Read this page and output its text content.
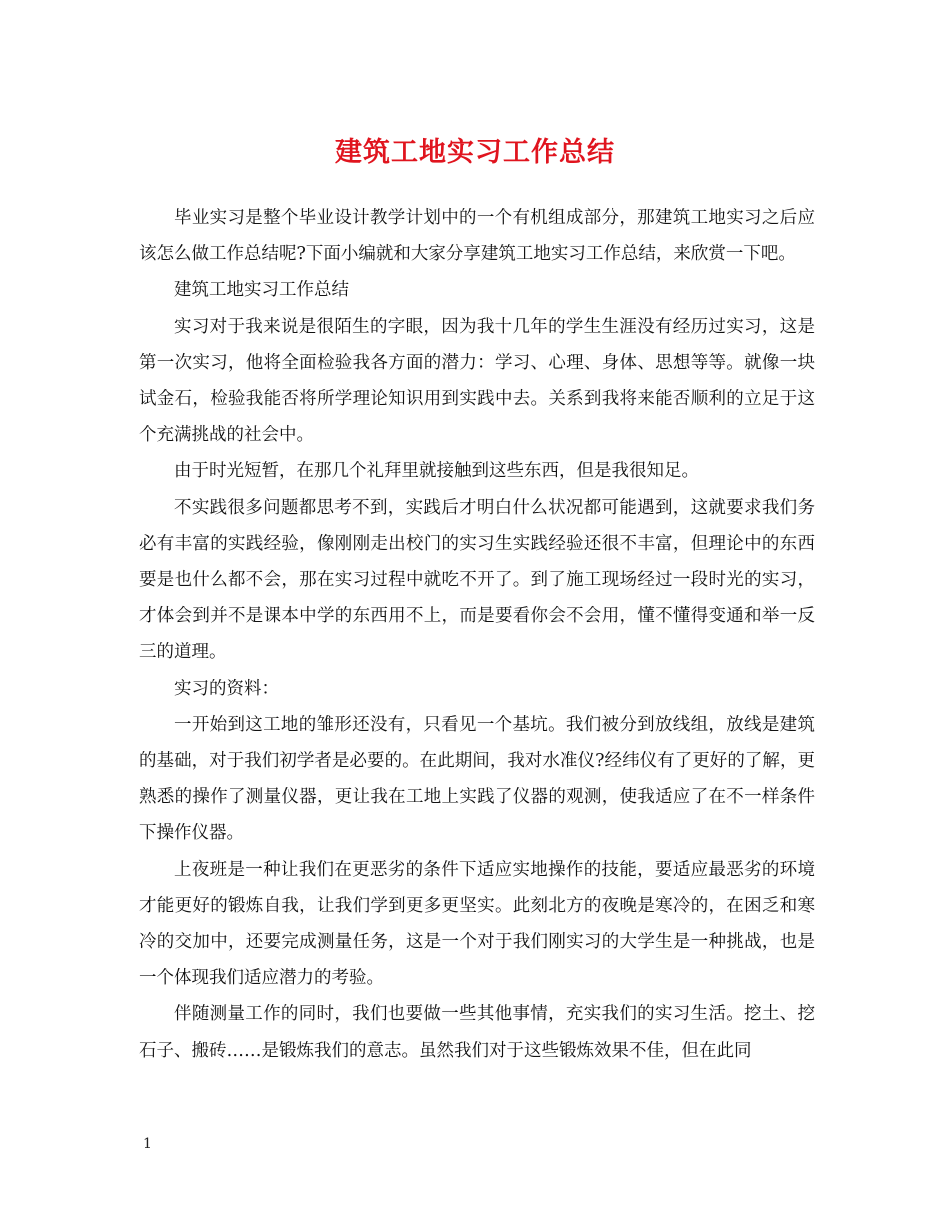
建筑工地实习工作总结

毕业实习是整个毕业设计教学计划中的一个有机组成部分，那建筑工地实习之后应该怎么做工作总结呢?下面小编就和大家分享建筑工地实习工作总结，来欣赏一下吧。

建筑工地实习工作总结

实习对于我来说是很陌生的字眼，因为我十几年的学生生涯没有经历过实习，这是第一次实习，他将全面检验我各方面的潜力：学习、心理、身体、思想等等。就像一块试金石，检验我能否将所学理论知识用到实践中去。关系到我将来能否顺利的立足于这个充满挑战的社会中。

由于时光短暂，在那几个礼拜里就接触到这些东西，但是我很知足。

不实践很多问题都思考不到，实践后才明白什么状况都可能遇到，这就要求我们务必有丰富的实践经验，像刚刚走出校门的实习生实践经验还很不丰富，但理论中的东西要是也什么都不会，那在实习过程中就吃不开了。到了施工现场经过一段时光的实习，才体会到并不是课本中学的东西用不上，而是要看你会不会用，懂不懂得变通和举一反三的道理。

实习的资料：

一开始到这工地的雏形还没有，只看见一个基坑。我们被分到放线组，放线是建筑的基础，对于我们初学者是必要的。在此期间，我对水准仪?经纬仪有了更好的了解，更熟悉的操作了测量仪器，更让我在工地上实践了仪器的观测，使我适应了在不一样条件下操作仪器。

上夜班是一种让我们在更恶劣的条件下适应实地操作的技能，要适应最恶劣的环境才能更好的锻炼自我，让我们学到更多更坚实。此刻北方的夜晚是寒冷的，在困乏和寒冷的交加中，还要完成测量任务，这是一个对于我们刚实习的大学生是一种挑战，也是一个体现我们适应潜力的考验。

伴随测量工作的同时，我们也要做一些其他事情，充实我们的实习生活。挖土、挖石子、搬砖……是锻炼我们的意志。虽然我们对于这些锻炼效果不佳，但在此同

1
